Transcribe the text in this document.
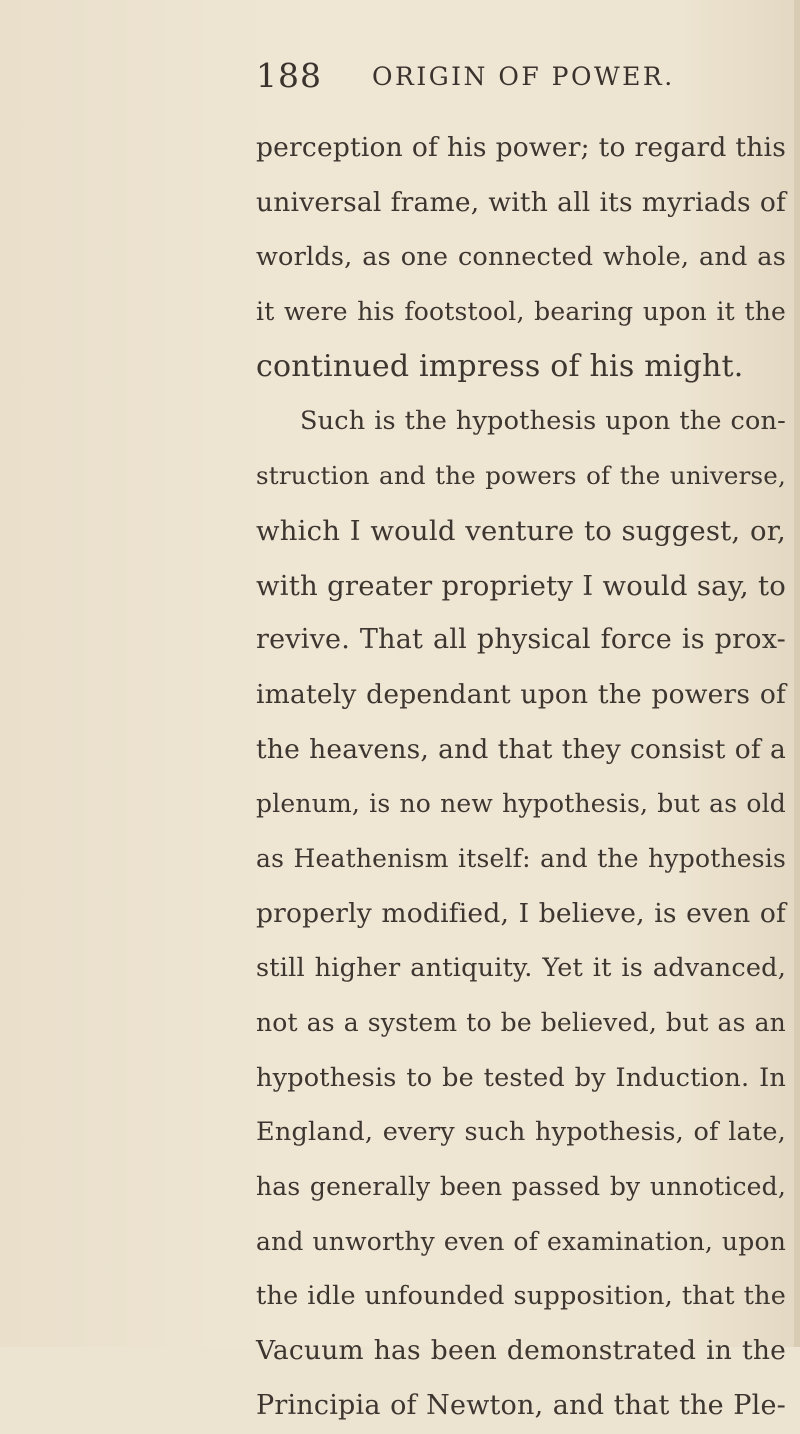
188 ORIGIN OF POWER.
perception of his power; to regard this
universal frame, with all its myriads of
worlds, as one connected whole, and as
it were his footstool, bearing upon it the
continued impress of his might.
Such is the hypothesis upon the con-
struction and the powers of the universe,
which I would venture to suggest, or,
with greater propriety I would say, to
revive. That all physical force is prox-
imately dependant upon the powers of
the heavens, and that they consist of a
plenum, is no new hypothesis, but as old
as Heathenism itself: and the hypothesis
properly modified, I believe, is even of
still higher antiquity. Yet it is advanced,
not as a system to be believed, but as an
hypothesis to be tested by Induction. In
England, every such hypothesis, of late,
has generally been passed by unnoticed,
and unworthy even of examination, upon
the idle unfounded supposition, that the
Vacuum has been demonstrated in the
Principia of Newton, and that the Ple-
